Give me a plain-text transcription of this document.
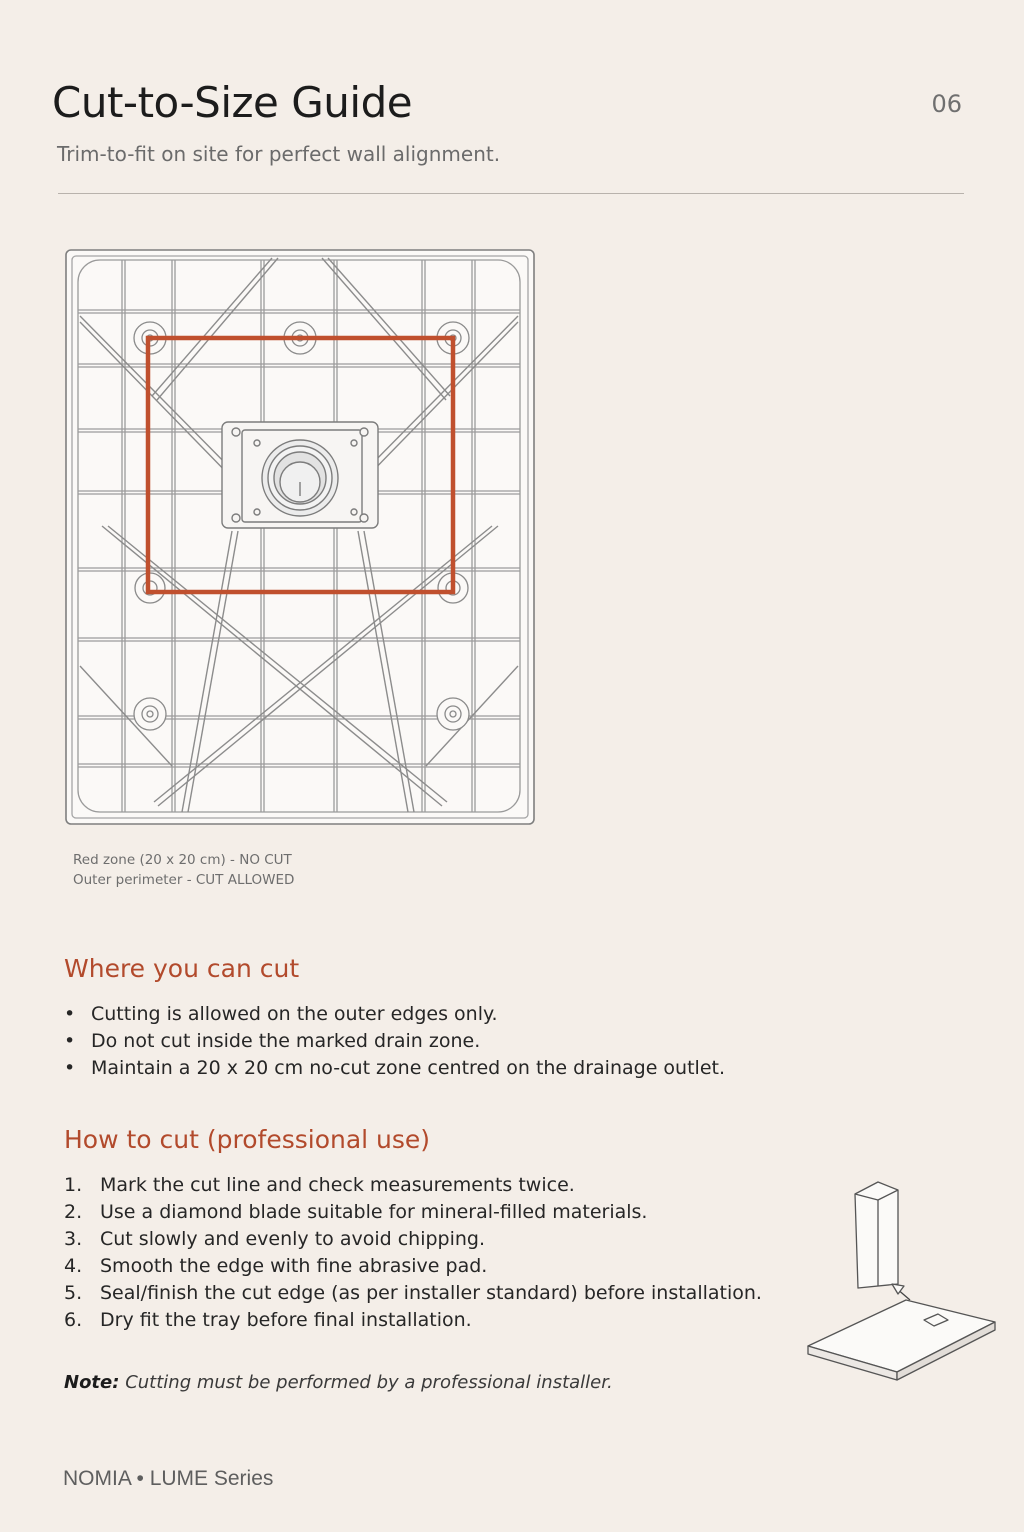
Cut-to-Size Guide	06
Trim-to-fit on site for perfect wall alignment.
Red zone (20 x 20 cm) - NO CUT
Outer perimeter - CUT ALLOWED
Where you can cut
• Cutting is allowed on the outer edges only.
• Do not cut inside the marked drain zone.
• Maintain a 20 x 20 cm no-cut zone centred on the drainage outlet.
How to cut (professional use)
1. Mark the cut line and check measurements twice.
2. Use a diamond blade suitable for mineral-filled materials.
3. Cut slowly and evenly to avoid chipping.
4. Smooth the edge with fine abrasive pad.
5. Seal/finish the cut edge (as per installer standard) before installation.
6. Dry fit the tray before final installation.
Note: Cutting must be performed by a professional installer.
NOMIA • LUME Series
